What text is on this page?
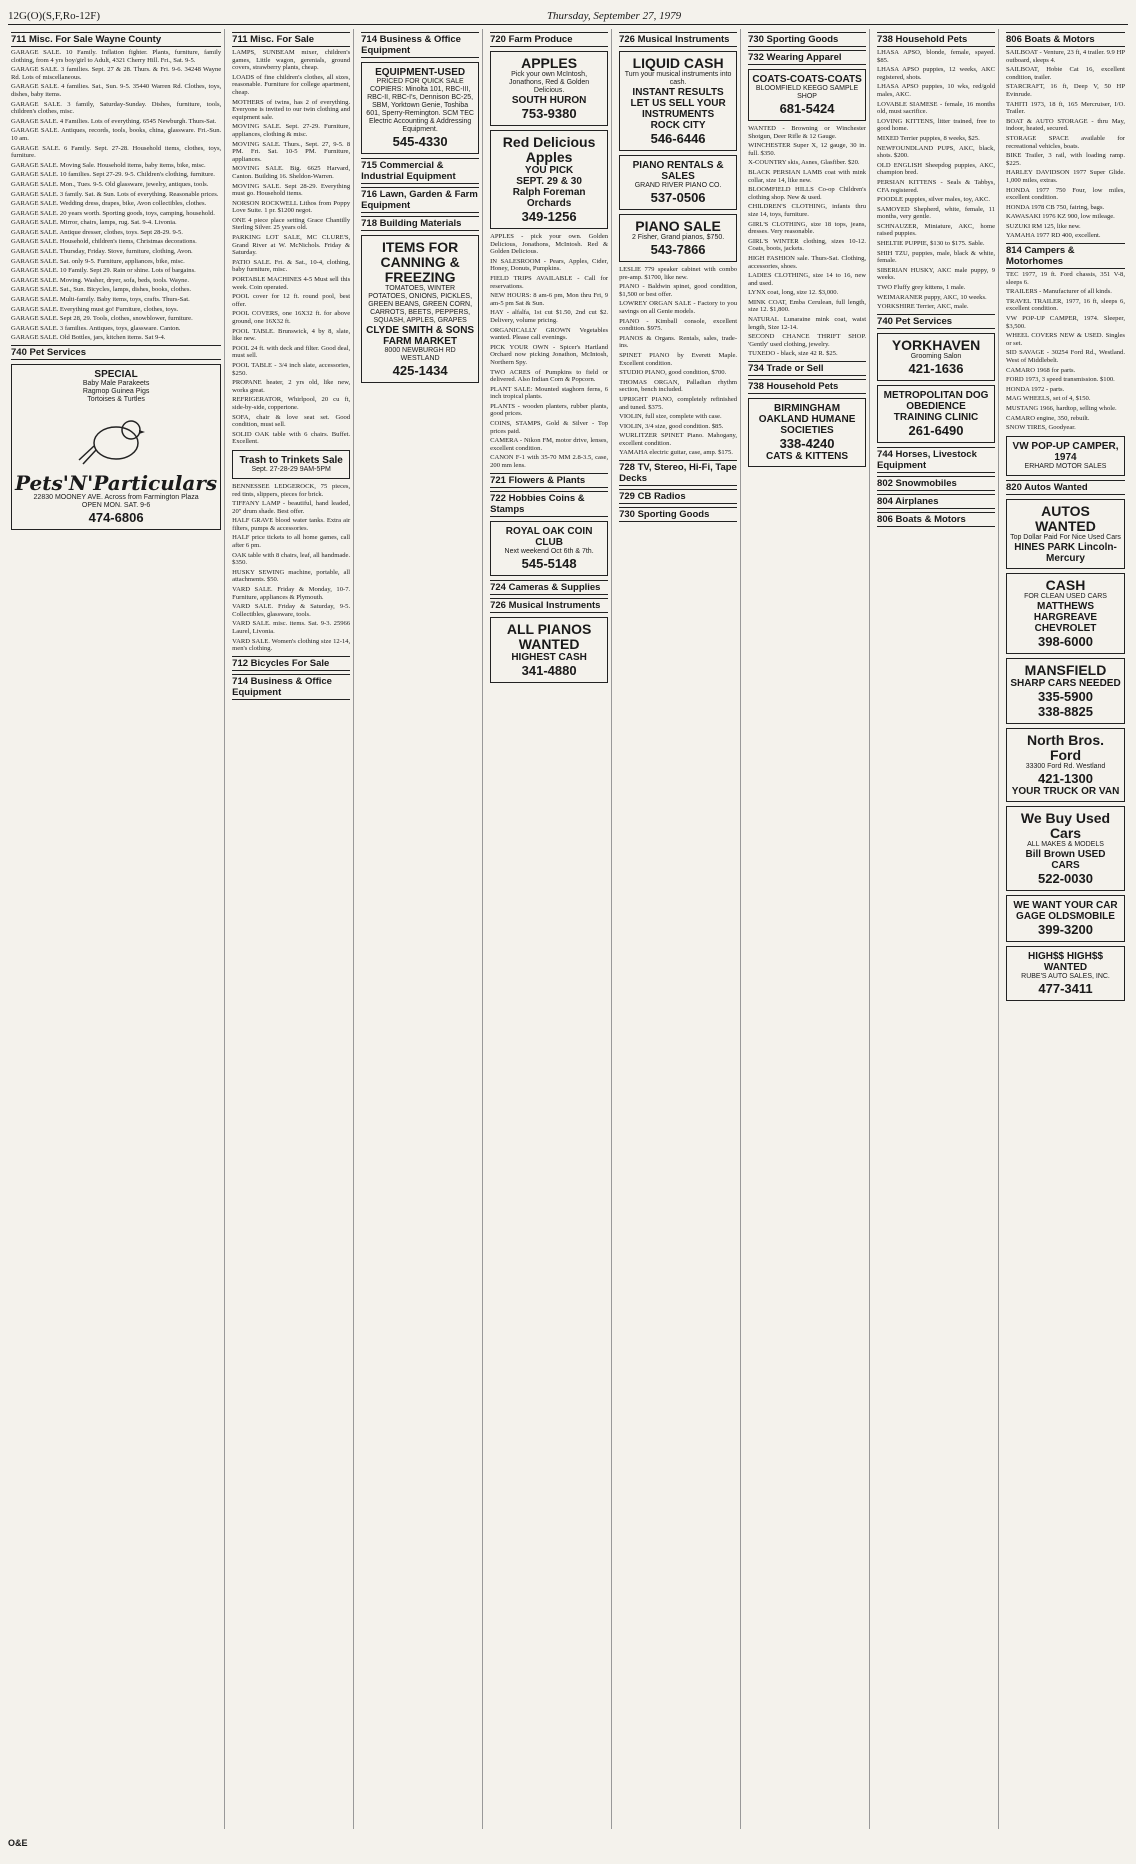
12G(O)(S,F,Ro-12F)	Thursday, September 27, 1979
711 Misc. For Sale Wayne County

GARAGE SALE. 10 Family. Inflation fighter. Plants, furniture, family clothing, from 4 yrs boy/girl to Adult, 4321 Cherry Hill. Fri., Sat. 9-5.

GARAGE SALE. 3 families. Sept. 27 & 28. Thurs. & Fri. 9-6. 34248 Wayne Rd. Lots of miscellaneous.

GARAGE SALE. 4 families. Sat., Sun. 9-5. 35440 Warren Rd. Clothes, toys, dishes, baby items.

GARAGE SALE. 3 family, Saturday-Sunday. Dishes, furniture, tools, children's clothes, misc.

GARAGE SALE. 4 Families. Lots of everything. 6545 Newburgh. Thurs-Sat.

GARAGE SALE. Antiques, records, tools, books, china, glassware. Fri.-Sun. 10 am.

GARAGE SALE. 6 Family. Sept. 27-28. Household items, clothes, toys, furniture.

GARAGE SALE. Moving Sale. Household items, baby items, bike, misc.

GARAGE SALE. 10 families. Sept 27-29. 9-5. Children's clothing, furniture.

GARAGE SALE. Mon., Tues. 9-5. Old glassware, jewelry, antiques, tools.

GARAGE SALE. 3 family. Sat. & Sun. Lots of everything. Reasonable prices.

GARAGE SALE. Wedding dress, drapes, bike, Avon collectibles, clothes.

GARAGE SALE. 20 years worth. Sporting goods, toys, camping, household.

GARAGE SALE. Mirror, chairs, lamps, rug. Sat. 9-4. Livonia.

GARAGE SALE. Antique dresser, clothes, toys. Sept 28-29. 9-5.

GARAGE SALE. Household, children's items, Christmas decorations.

GARAGE SALE. Thursday, Friday. Stove, furniture, clothing, Avon.

GARAGE SALE. Sat. only 9-5. Furniture, appliances, bike, misc.

GARAGE SALE. 10 Family. Sept 29. Rain or shine. Lots of bargains.

GARAGE SALE. Moving. Washer, dryer, sofa, beds, tools. Wayne.

GARAGE SALE. Sat., Sun. Bicycles, lamps, dishes, books, clothes.

GARAGE SALE. Multi-family. Baby items, toys, crafts. Thurs-Sat.

GARAGE SALE. Everything must go! Furniture, clothes, toys.

GARAGE SALE. Sept 28, 29. Tools, clothes, snowblower, furniture.

GARAGE SALE. 3 families. Antiques, toys, glassware. Canton.

GARAGE SALE. Old Bottles, jars, kitchen items. Sat 9-4.

740 Pet Services
SPECIAL
Baby Male Parakeets
Ragmop Guinea Pigs
Tortoises & Turtles
Pets'N'Particulars
22830 MOONEY AVE. Across from Farmington Plaza
OPEN MON. SAT. 9-6
474-6806
711 Misc. For Sale

LAMPS, SUNBEAM mixer, children's games, Little wagon, gerenials, ground covers, strawberry plants, cheap.

LOADS of fine children's clothes, all sizes, reasonable. Furniture for college apartment, cheap.

MOTHERS of twins, has 2 of everything. Everyone is invited to our twin clothing and equipment sale.

MOVING SALE. Sept. 27-29. Furniture, appliances, clothing & misc.

MOVING SALE. Thurs., Sept. 27, 9-5. 8 PM. Fri. Sat. 10-5 PM. Furniture, appliances.

MOVING SALE. Big. 6625 Harvard, Canton. Building 16. Sheldon-Warren.

MOVING SALE. Sept 28-29. Everything must go. Household items.

NORSON ROCKWELL Lithos from Poppy Love Suite. 1 pr. $1200 negot.

ONE 4 piece place setting Grace Chantilly Sterling Silver. 25 years old.

PARKING LOT SALE, MC CLURE'S, Grand River at W. McNichols. Friday & Saturday.

PATIO SALE. Fri. & Sat., 10-4, clothing, baby furniture, misc.

PORTABLE MACHINES 4-5 Must sell this week. Coin operated.

POOL cover for 12 ft. round pool, best offer.

POOL COVERS, one 16X32 ft. for above ground, one 16X32 ft.

POOL TABLE. Brunswick, 4 by 8, slate, like new.

POOL 24 ft. with deck and filter. Good deal, must sell.

POOL TABLE - 3/4 inch slate, accessories, $250.

PROPANE heater, 2 yrs old, like new, works great.

REFRIGERATOR, Whirlpool, 20 cu ft, side-by-side, coppertone.

SOFA, chair & love seat set. Good condition, must sell.

SOLID OAK table with 6 chairs. Buffet. Excellent.

Trash to Trinkets Sale
Sept. 27-28-29 9AM-5PM

BENNESSEE LEDGEROCK, 75 pieces, red tints, slippers, pieces for brick.

TIFFANY LAMP - beautiful, hand leaded, 20" drum shade. Best offer.

HALF GRAVE blood water tanks. Extra air filters, pumps & accessories.

HALF price tickets to all home games, call after 6 pm.

OAK table with 8 chairs, leaf, all handmade. $350.

HUSKY SEWING machine, portable, all attachments. $50.

VARD SALE. Friday & Monday, 10-7. Furniture, appliances & Plymouth.

VARD SALE. Friday & Saturday, 9-5. Collectibles, glassware, tools.

VARD SALE. misc. items. Sat. 9-3. 25966 Laurel, Livonia.

VARD SALE. Women's clothing size 12-14, men's clothing.

712 Bicycles For Sale
714 Business & Office Equipment
714 Business & Office Equipment
EQUIPMENT-USED
PRICED FOR QUICK SALE
COPIERS: Minolta 101, RBC-III, RBC-II, RBC-I's, Dennison BC-25, SBM, Yorktown Genie, Toshiba 601, Sperry-Remington. SCM TEC Electric Accounting & Addressing Equipment.
545-4330
715 Commercial & Industrial Equipment
716 Lawn, Garden & Farm Equipment
718 Building Materials
ITEMS FOR CANNING & FREEZING
TOMATOES, WINTER POTATOES, ONIONS, PICKLES, GREEN BEANS, GREEN CORN, CARROTS, BEETS, PEPPERS, SQUASH, APPLES, GRAPES
CLYDE SMITH & SONS FARM MARKET
8000 NEWBURGH RD WESTLAND
425-1434
720 Farm Produce
APPLES
Pick your own McIntosh, Jonathons, Red & Golden Delicious.
SOUTH HURON
753-9380
Red Delicious Apples
YOU PICK
SEPT. 29 & 30
Ralph Foreman Orchards
349-1256

APPLES - pick your own. Golden Delicious, Jonathons, McIntosh. Red & Golden Delicious.

IN SALESROOM - Pears, Apples, Cider, Honey, Donuts, Pumpkins.

FIELD TRIPS AVAILABLE - Call for reservations.

NEW HOURS: 8 am-6 pm, Mon thru Fri, 9 am-5 pm Sat & Sun.

HAY - alfalfa, 1st cut $1.50, 2nd cut $2. Delivery, volume pricing.

ORGANICALLY GROWN Vegetables wanted. Please call evenings.

PICK YOUR OWN - Spicer's Hartland Orchard now picking Jonathon, McIntosh, Northern Spy.

TWO ACRES of Pumpkins to field or delivered. Also Indian Corn & Popcorn.

PLANT SALE: Mounted staghorn ferns, 6 inch tropical plants.

PLANTS - wooden planters, rubber plants, good prices.

COINS, STAMPS, Gold & Silver - Top prices paid.

CAMERA - Nikon FM, motor drive, lenses, excellent condition.

CANON F-1 with 35-70 MM 2.8-3.5, case, 200 mm lens.

721 Flowers & Plants
722 Hobbies Coins & Stamps
ROYAL OAK COIN CLUB
Next weekend Oct 6th & 7th.
545-5148
724 Cameras & Supplies
726 Musical Instruments
ALL PIANOS WANTED
HIGHEST CASH
341-4880
726 Musical Instruments
LIQUID CASH
Turn your musical instruments into cash.
INSTANT RESULTS
LET US SELL YOUR INSTRUMENTS
ROCK CITY
546-6446
PIANO RENTALS & SALES
GRAND RIVER PIANO CO.
537-0506
PIANO SALE
2 Fisher, Grand pianos, $750.
543-7866

LESLIE 779 speaker cabinet with combo pre-amp. $1700, like new.

PIANO - Baldwin spinet, good condition, $1,500 or best offer.

LOWREY ORGAN SALE - Factory to you savings on all Genie models.

PIANO - Kimball console, excellent condition. $975.

PIANOS & Organs. Rentals, sales, trade-ins.

SPINET PIANO by Everett Maple. Excellent condition.

STUDIO PIANO, good condition, $700.

THOMAS ORGAN, Palladian rhythm section, bench included.

UPRIGHT PIANO, completely refinished and tuned. $375.

VIOLIN, full size, complete with case.

VIOLIN, 3/4 size, good condition. $85.

WURLITZER SPINET Piano. Mahogany, excellent condition.

YAMAHA electric guitar, case, amp. $175.

728 TV, Stereo, Hi-Fi, Tape Decks
729 CB Radios
730 Sporting Goods
730 Sporting Goods
732 Wearing Apparel
COATS-COATS-COATS
BLOOMFIELD KEEGO SAMPLE SHOP
681-5424

WANTED - Browning or Winchester Shotgun, Deer Rifle & 12 Gauge.

WINCHESTER Super X, 12 gauge, 30 in. full. $350.

X-COUNTRY skis, Asnes, Glasfiber. $20.

BLACK PERSIAN LAMB coat with mink collar, size 14, like new.

BLOOMFIELD HILLS Co-op Children's clothing shop. New & used.

CHILDREN'S CLOTHING, infants thru size 14, toys, furniture.

GIRL'S CLOTHING, size 18 tops, jeans, dresses. Very reasonable.

GIRL'S WINTER clothing, sizes 10-12. Coats, boots, jackets.

HIGH FASHION sale. Thurs-Sat. Clothing, accessories, shoes.

LADIES CLOTHING, size 14 to 16, new and used.

LYNX coat, long, size 12. $3,000.

MINK COAT, Emba Cerulean, full length, size 12. $1,800.

NATURAL Lunaraine mink coat, waist length, Size 12-14.

SECOND CHANCE THRIFT SHOP. 'Gently' used clothing, jewelry.

TUXEDO - black, size 42 R. $25.

734 Trade or Sell
738 Household Pets
BIRMINGHAM OAKLAND HUMANE SOCIETIES
338-4240
CATS & KITTENS
738 Household Pets

LHASA APSO, blonde, female, spayed. $85.

LHASA APSO puppies, 12 weeks, AKC registered, shots.

LHASA APSO puppies, 10 wks, red/gold males, AKC.

LOVABLE SIAMESE - female, 16 months old, must sacrifice.

LOVING KITTENS, litter trained, free to good home.

MIXED Terrier puppies, 8 weeks, $25.

NEWFOUNDLAND PUPS, AKC, black, shots. $200.

OLD ENGLISH Sheepdog puppies, AKC, champion bred.

PERSIAN KITTENS - Seals & Tabbys, CFA registered.

POODLE puppies, silver males, toy, AKC.

SAMOYED Shepherd, white, female, 11 months, very gentle.

SCHNAUZER, Miniature, AKC, home raised puppies.

SHELTIE PUPPIE, $130 to $175. Sable.

SHIH TZU, puppies, male, black & white, female.

SIBERIAN HUSKY, AKC male puppy, 9 weeks.

TWO Fluffy grey kittens, 1 male.

WEIMARANER puppy, AKC, 10 weeks.

YORKSHIRE Terrier, AKC, male.

740 Pet Services
YORKHAVEN
Grooming Salon
421-1636
METROPOLITAN DOG OBEDIENCE TRAINING CLINIC
261-6490
744 Horses, Livestock Equipment
802 Snowmobiles
804 Airplanes
806 Boats & Motors
806 Boats & Motors

SAILBOAT - Venture, 23 ft, 4 trailer. 9.9 HP outboard, sleeps 4.

SAILBOAT, Hobie Cat 16, excellent condition, trailer.

STARCRAFT, 16 ft, Deep V, 50 HP Evinrude.

TAHITI 1973, 18 ft, 165 Mercruiser, I/O. Trailer.

BOAT & AUTO STORAGE - thru May, indoor, heated, secured.

STORAGE SPACE available for recreational vehicles, boats.

BIKE Trailer, 3 rail, with loading ramp. $225.

HARLEY DAVIDSON 1977 Super Glide. 1,000 miles, extras.

HONDA 1977 750 Four, low miles, excellent condition.

HONDA 1978 CB 750, fairing, bags.

KAWASAKI 1976 KZ 900, low mileage.

SUZUKI RM 125, like new.

YAMAHA 1977 RD 400, excellent.

814 Campers & Motorhomes

TEC 1977, 19 ft. Ford chassis, 351 V-8, sleeps 6.

TRAILERS - Manufacturer of all kinds.

TRAVEL TRAILER, 1977, 16 ft, sleeps 6, excellent condition.

VW POP-UP CAMPER, 1974. Sleeper, $3,500.

WHEEL COVERS NEW & USED. Singles or set.

SID SAVAGE - 30254 Ford Rd., Westland. West of Middlebelt.

CAMARO 1968 for parts.

FORD 1973, 3 speed transmission. $100.

HONDA 1972 - parts.

MAG WHEELS, set of 4, $150.

MUSTANG 1966, hardtop, selling whole.

CAMARO engine, 350, rebuilt.

SNOW TIRES, Goodyear.

VW POP-UP CAMPER, 1974
ERHARD MOTOR SALES
820 Autos Wanted
AUTOS WANTED
Top Dollar Paid For Nice Used Cars
HINES PARK Lincoln-Mercury
CASH
FOR CLEAN USED CARS
MATTHEWS HARGREAVE CHEVROLET
398-6000
MANSFIELD
SHARP CARS NEEDED
335-5900
338-8825
North Bros. Ford
33300 Ford Rd. Westland
421-1300
YOUR TRUCK OR VAN
We Buy Used Cars
ALL MAKES & MODELS
Bill Brown USED CARS
522-0030
WE WANT YOUR CAR
GAGE OLDSMOBILE
399-3200
HIGH$$ HIGH$$
WANTED
RUBE'S AUTO SALES, INC.
477-3411
O&E
